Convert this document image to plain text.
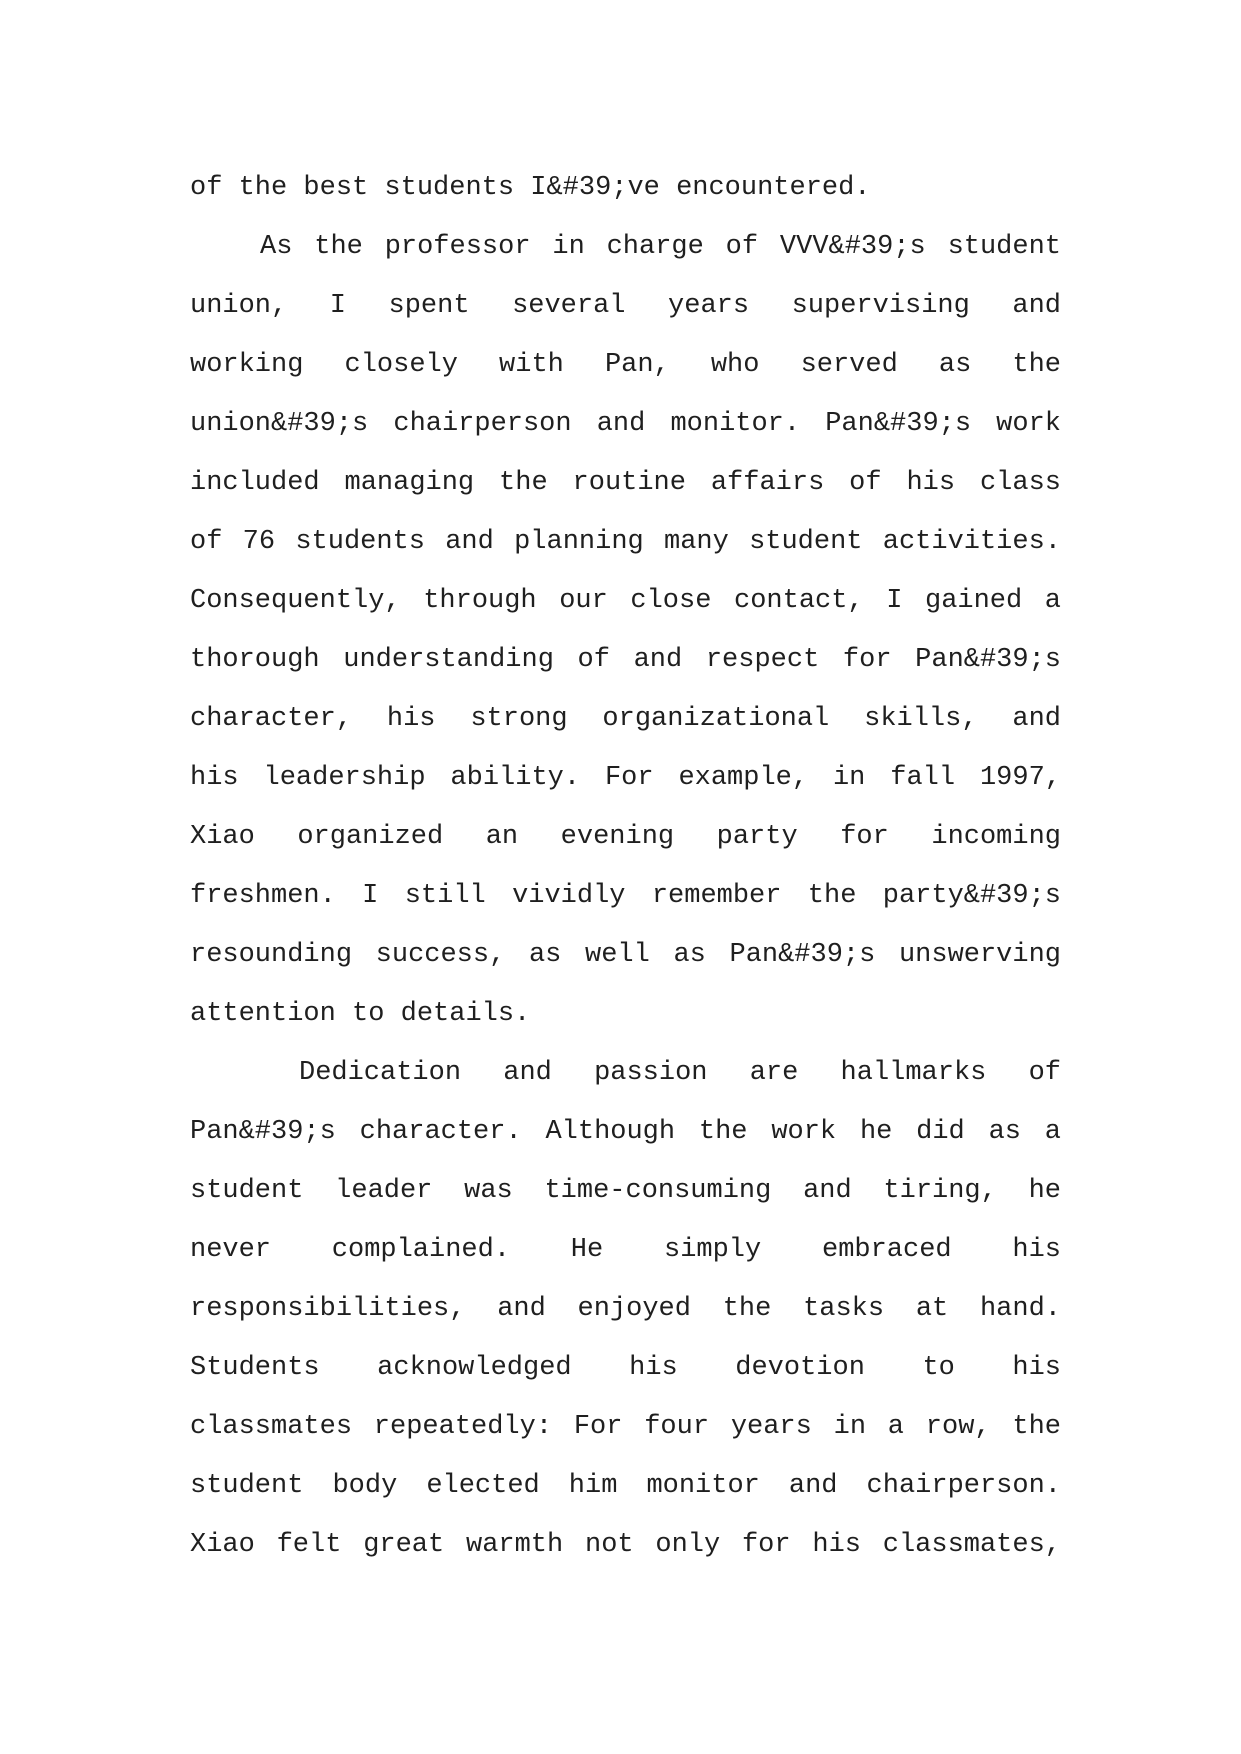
of the best students I&#39;ve encountered.
As the professor in charge of VVV&#39;s student
union, I spent several years supervising and
working closely with Pan, who served as the
union&#39;s chairperson and monitor. Pan&#39;s work
included managing the routine affairs of his class
of 76 students and planning many student activities.
Consequently, through our close contact, I gained a
thorough understanding of and respect for Pan&#39;s
character, his strong organizational skills, and
his leadership ability. For example, in fall 1997,
Xiao organized an evening party for incoming
freshmen. I still vividly remember the party&#39;s
resounding success, as well as Pan&#39;s unswerving
attention to details.
Dedication and passion are hallmarks of
Pan&#39;s character. Although the work he did as a
student leader was time-consuming and tiring, he
never complained. He simply embraced his
responsibilities, and enjoyed the tasks at hand.
Students acknowledged his devotion to his
classmates repeatedly: For four years in a row, the
student body elected him monitor and chairperson.
Xiao felt great warmth not only for his classmates,
